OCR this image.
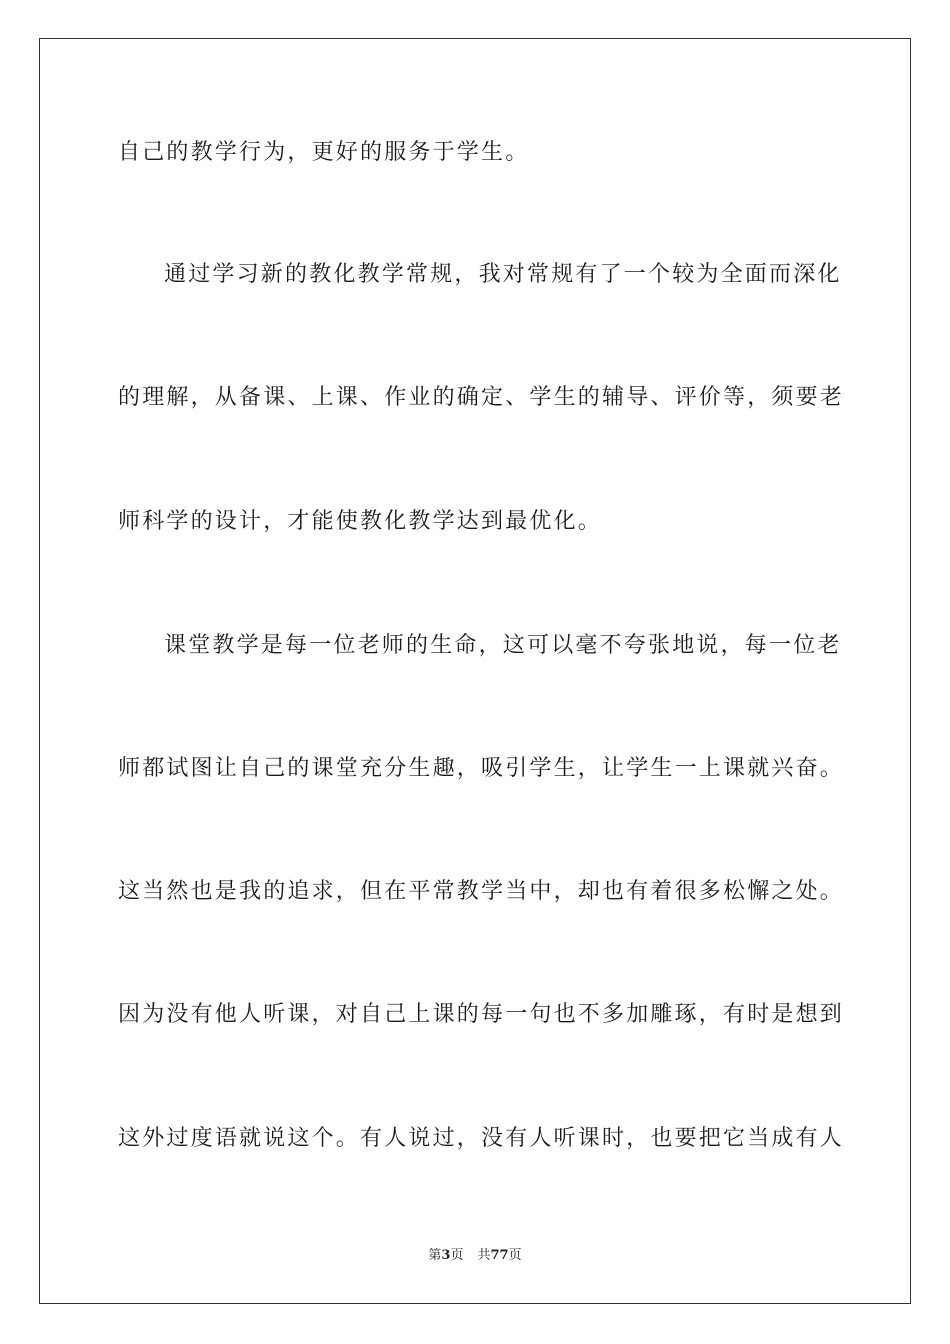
自己的教学行为，更好的服务于学生。
通过学习新的教化教学常规，我对常规有了一个较为全面而深化
的理解，从备课、上课、作业的确定、学生的辅导、评价等，须要老
师科学的设计，才能使教化教学达到最优化。
课堂教学是每一位老师的生命，这可以毫不夸张地说，每一位老
师都试图让自己的课堂充分生趣，吸引学生，让学生一上课就兴奋。
这当然也是我的追求，但在平常教学当中，却也有着很多松懈之处。
因为没有他人听课，对自己上课的每一句也不多加雕琢，有时是想到
这外过度语就说这个。有人说过，没有人听课时，也要把它当成有人
第3页 共77页
